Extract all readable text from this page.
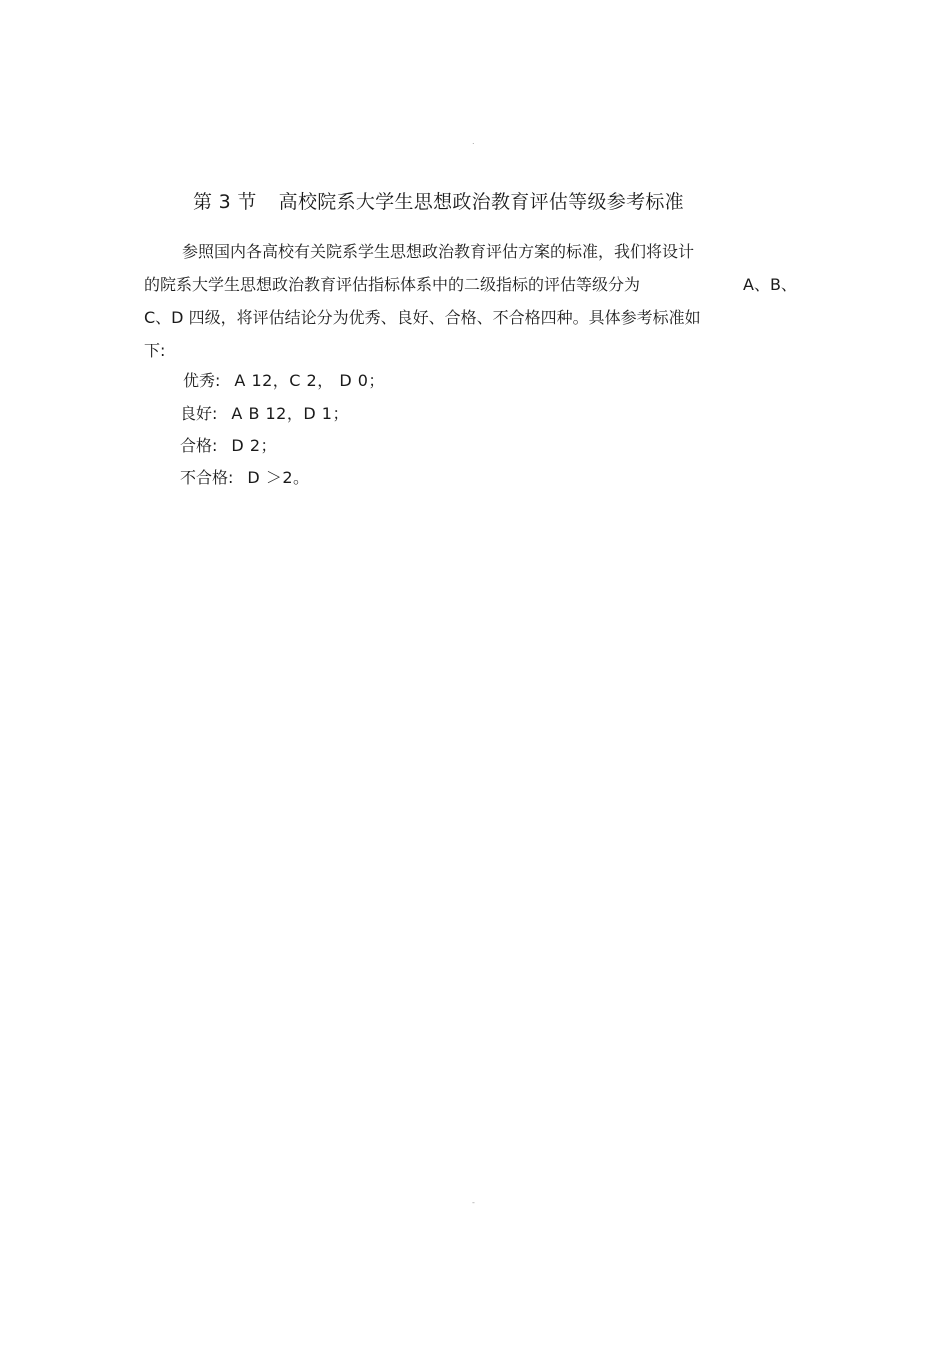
.
第 3 节 高校院系大学生思想政治教育评估等级参考标准
参照国内各高校有关院系学生思想政治教育评估方案的标准，我们将设计
的院系大学生思想政治教育评估指标体系中的二级指标的评估等级分为	A、B、
C、D 四级，将评估结论分为优秀、良好、合格、不合格四种。具体参考标准如
下:
优秀: A 12，C 2， D 0；
良好: A B 12，D 1；
合格: D 2；
不合格: D ＞2。
-
